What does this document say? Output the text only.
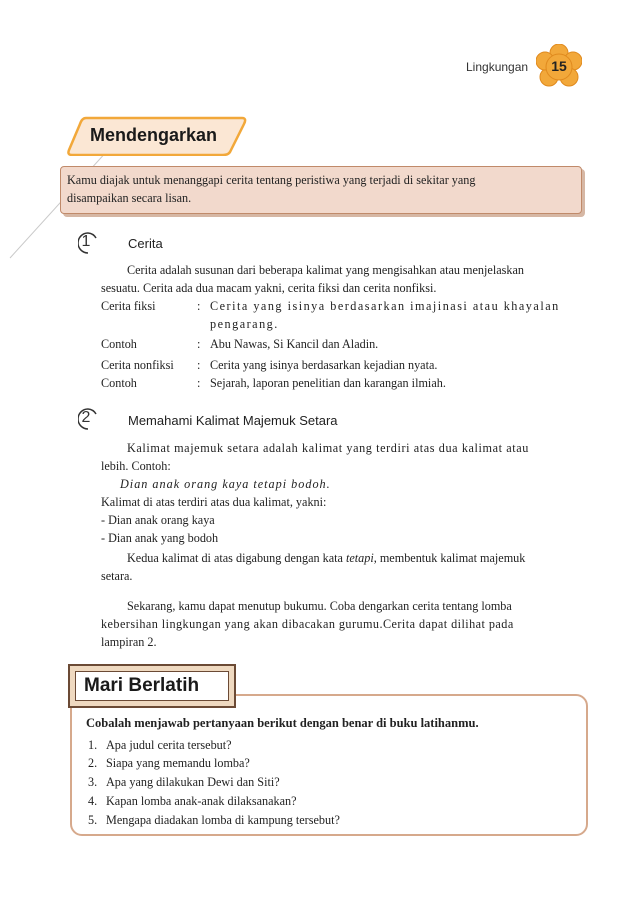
Lingkungan	15
Mendengarkan
Kamu diajak untuk menanggapi cerita tentang peristiwa yang terjadi di sekitar yang
disampaikan secara lisan.
1	Cerita
Cerita adalah susunan dari beberapa kalimat yang mengisahkan atau menjelaskan
sesuatu. Cerita ada dua macam yakni, cerita fiksi dan cerita nonfiksi.
Cerita fiksi	: Cerita yang isinya berdasarkan imajinasi atau khayalan
pengarang.
Contoh	: Abu Nawas, Si Kancil dan Aladin.
Cerita nonfiksi : Cerita yang isinya berdasarkan kejadian nyata.
Contoh	: Sejarah, laporan penelitian dan karangan ilmiah.
2	Memahami Kalimat Majemuk Setara
Kalimat majemuk setara adalah kalimat yang terdiri atas dua kalimat atau
lebih. Contoh:
Dian anak orang kaya tetapi bodoh.
Kalimat di atas terdiri atas dua kalimat, yakni:
- Dian anak orang kaya
- Dian anak yang bodoh
Kedua kalimat di atas digabung dengan kata tetapi, membentuk kalimat majemuk
setara.
Sekarang, kamu dapat menutup bukumu. Coba dengarkan cerita tentang lomba
kebersihan lingkungan yang akan dibacakan gurumu.Cerita dapat dilihat pada
lampiran 2.
Mari Berlatih
Cobalah menjawab pertanyaan berikut dengan benar di buku latihanmu.
1. Apa judul cerita tersebut?
2. Siapa yang memandu lomba?
3. Apa yang dilakukan Dewi dan Siti?
4. Kapan lomba anak-anak dilaksanakan?
5. Mengapa diadakan lomba di kampung tersebut?
